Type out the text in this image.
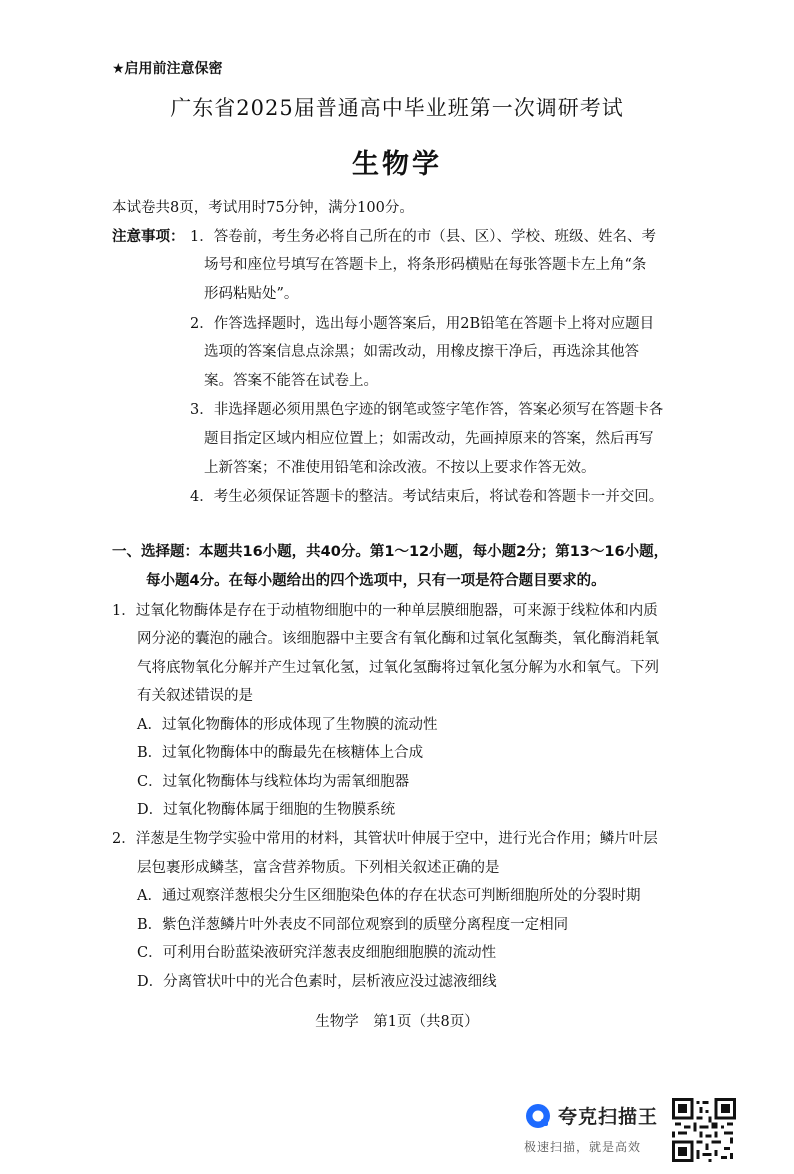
★启用前注意保密
广东省2025届普通高中毕业班第一次调研考试
生物学
本试卷共8页，考试用时75分钟，满分100分。
注意事项： 1．答卷前，考生务必将自己所在的市（县、区）、学校、班级、姓名、考
场号和座位号填写在答题卡上，将条形码横贴在每张答题卡左上角“条
形码粘贴处”。
2．作答选择题时，选出每小题答案后，用2B铅笔在答题卡上将对应题目
选项的答案信息点涂黑；如需改动，用橡皮擦干净后，再选涂其他答
案。答案不能答在试卷上。
3．非选择题必须用黑色字迹的钢笔或签字笔作答，答案必须写在答题卡各
题目指定区域内相应位置上；如需改动，先画掉原来的答案，然后再写
上新答案；不准使用铅笔和涂改液。不按以上要求作答无效。
4．考生必须保证答题卡的整洁。考试结束后，将试卷和答题卡一并交回。
一、选择题：本题共16小题，共40分。第1～12小题，每小题2分；第13～16小题，
每小题4分。在每小题给出的四个选项中，只有一项是符合题目要求的。
1．过氧化物酶体是存在于动植物细胞中的一种单层膜细胞器，可来源于线粒体和内质
网分泌的囊泡的融合。该细胞器中主要含有氧化酶和过氧化氢酶类，氧化酶消耗氧
气将底物氧化分解并产生过氧化氢，过氧化氢酶将过氧化氢分解为水和氧气。下列
有关叙述错误的是
A．过氧化物酶体的形成体现了生物膜的流动性
B．过氧化物酶体中的酶最先在核糖体上合成
C．过氧化物酶体与线粒体均为需氧细胞器
D．过氧化物酶体属于细胞的生物膜系统
2．洋葱是生物学实验中常用的材料，其管状叶伸展于空中，进行光合作用；鳞片叶层
层包裹形成鳞茎，富含营养物质。下列相关叙述正确的是
A．通过观察洋葱根尖分生区细胞染色体的存在状态可判断细胞所处的分裂时期
B．紫色洋葱鳞片叶外表皮不同部位观察到的质壁分离程度一定相同
C．可利用台盼蓝染液研究洋葱表皮细胞细胞膜的流动性
D．分离管状叶中的光合色素时，层析液应没过滤液细线
生物学　第1页（共8页）
夸克扫描王
极速扫描，就是高效
